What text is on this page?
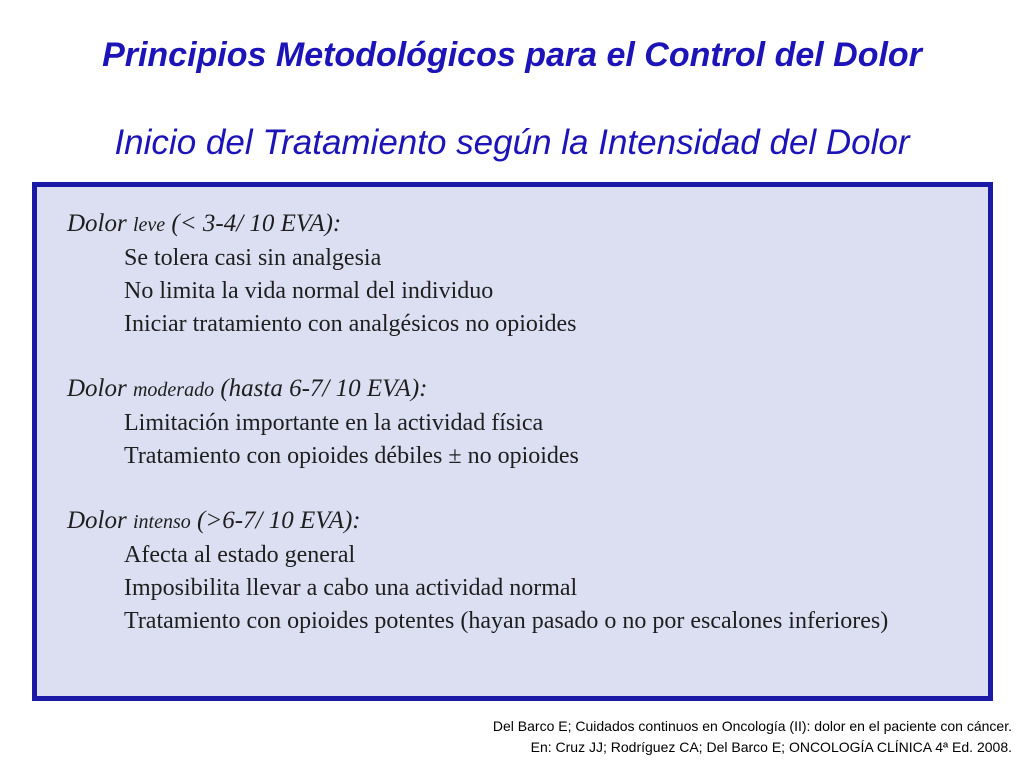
Principios Metodológicos para el Control del Dolor
Inicio del Tratamiento según la Intensidad del Dolor
Dolor leve (< 3-4/ 10 EVA):
Se tolera casi sin analgesia
No limita la vida normal del individuo
Iniciar tratamiento con analgésicos no opioides
Dolor moderado (hasta 6-7/ 10 EVA):
Limitación importante en la actividad física
Tratamiento con opioides débiles ± no opioides
Dolor intenso (>6-7/ 10 EVA):
Afecta al estado general
Imposibilita llevar a cabo una actividad normal
Tratamiento con opioides potentes (hayan pasado o no por escalones inferiores)
Del Barco E; Cuidados continuos en Oncología (II): dolor en el paciente con cáncer.
En: Cruz JJ; Rodríguez CA; Del Barco E; ONCOLOGÍA CLÍNICA 4ª Ed. 2008.
